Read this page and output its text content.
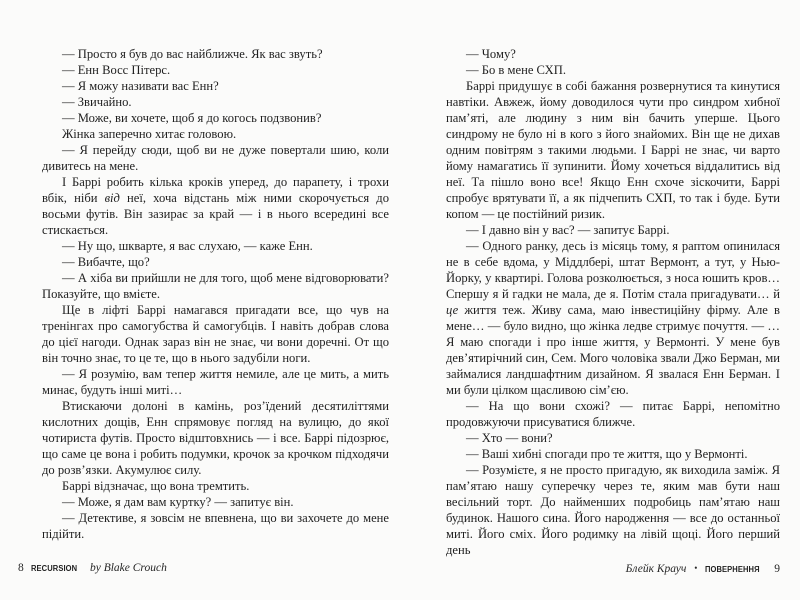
— Просто я був до вас найближче. Як вас звуть?

— Енн Восс Пітерс.

— Я можу називати вас Енн?

— Звичайно.

— Може, ви хочете, щоб я до когось подзвонив?

Жінка заперечно хитає головою.

— Я перейду сюди, щоб ви не дуже повертали шию, коли дивитесь на мене.

І Баррі робить кілька кроків уперед, до парапету, і трохи вбік, ніби від неї, хоча відстань між ними скорочується до восьми футів. Він зазирає за край — і в нього всередині все стискається.

— Ну що, шкварте, я вас слухаю, — каже Енн.

— Вибачте, що?

— А хіба ви прийшли не для того, щоб мене відговорювати? Показуйте, що вмієте.

Ще в ліфті Баррі намагався пригадати все, що чув на тренінгах про самогубства й самогубців. І навіть добрав слова до цієї нагоди. Однак зараз він не знає, чи вони доречні. От що він точно знає, то це те, що в нього задубіли ноги.

— Я розумію, вам тепер життя немиле, але це мить, а мить минає, будуть інші миті…

Втискаючи долоні в камінь, роз’їдений десятиліттями кислотних дощів, Енн спрямовує погляд на вулицю, до якої чотириста футів. Просто відштовхнись — і все. Баррі підозрює, що саме це вона і робить подумки, крочок за крочком підходячи до розв’язки. Акумулює силу.

Баррі відзначає, що вона тремтить.

— Може, я дам вам куртку? — запитує він.

— Детективе, я зовсім не впевнена, що ви захочете до мене підійти.

8 RECURSION by Blake Crouch

— Чому?

— Бо в мене СХП.

Баррі придушує в собі бажання розвернутися та кинутися навтіки. Авжеж, йому доводилося чути про синдром хибної пам’яті, але людину з ним він бачить уперше. Цього синдрому не було ні в кого з його знайомих. Він ще не дихав одним повітрям з такими людьми. І Баррі не знає, чи варто йому намагатись її зупинити. Йому хочеться віддалитись від неї. Та пішло воно все! Якщо Енн схоче зіскочити, Баррі спробує врятувати її, а як підчепить СХП, то так і буде. Бути копом — це постійний ризик.

— І давно він у вас? — запитує Баррі.

— Одного ранку, десь із місяць тому, я раптом опинилася не в себе вдома, у Міддлбері, штат Вермонт, а тут, у Нью-Йорку, у квартирі. Голова розколюється, з носа юшить кров… Спершу я й гадки не мала, де я. Потім стала пригадувати… й це життя теж. Живу сама, маю інвестиційну фірму. Але в мене… — було видно, що жінка ледве стримує почуття. — …Я маю спогади і про інше життя, у Вермонті. У мене був дев’ятирічний син, Сем. Мого чоловіка звали Джо Берман, ми займалися ландшафтним дизайном. Я звалася Енн Берман. І ми були цілком щасливою сім’єю.

— На що вони схожі? — питає Баррі, непомітно продовжуючи присуватися ближче.

— Хто — вони?

— Ваші хибні спогади про те життя, що у Вермонті.

— Розумієте, я не просто пригадую, як виходила заміж. Я пам’ятаю нашу суперечку через те, яким мав бути наш весільний торт. До найменших подробиць пам’ятаю наш будинок. Нашого сина. Його народження — все до останньої миті. Його сміх. Його родимку на лівій щоці. Його перший день

Блейк Крауч • ПОВЕРНЕННЯ 9
